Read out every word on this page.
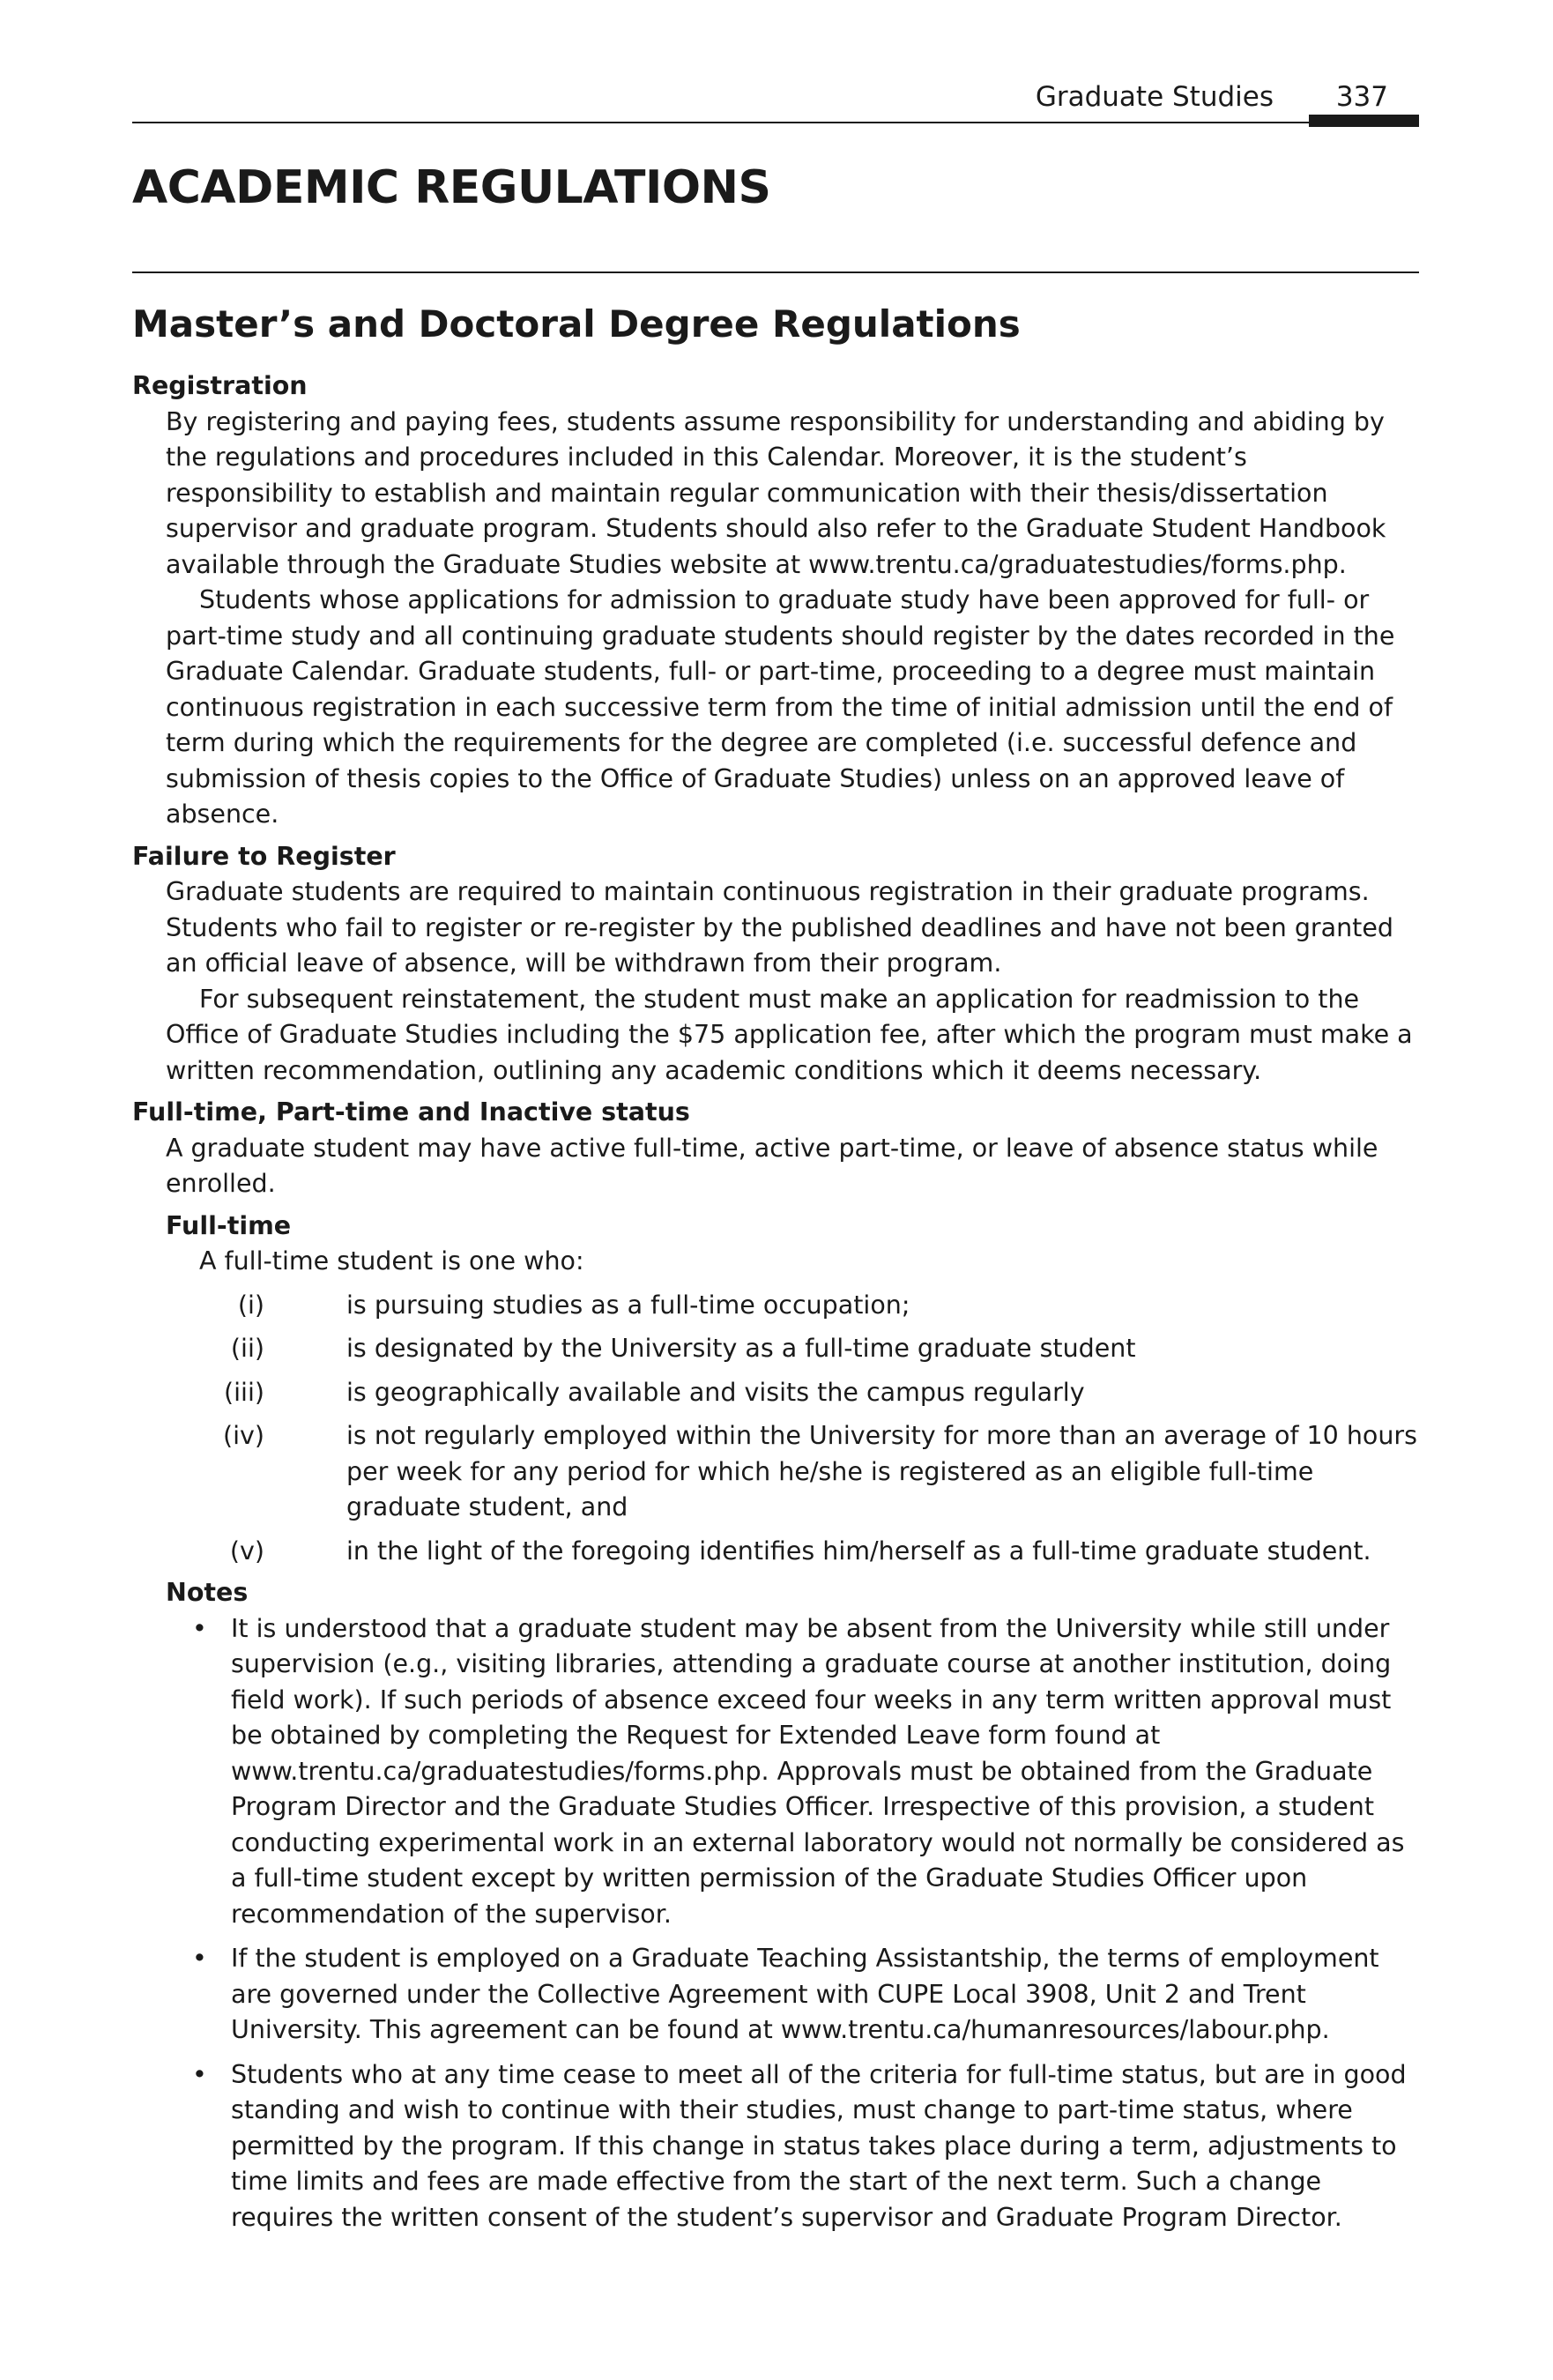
Graduate Studies 337
ACADEMIC REGULATIONS
Master’s and Doctoral Degree Regulations
Registration

By registering and paying fees, students assume responsibility for understanding and abiding by the regulations and procedures included in this Calendar. Moreover, it is the student’s responsibility to establish and maintain regular communication with their thesis/dissertation supervisor and graduate program. Students should also refer to the Graduate Student Handbook available through the Graduate Studies website at www.trentu.ca/graduatestudies/forms.php.

Students whose applications for admission to graduate study have been approved for full- or part-time study and all continuing graduate students should register by the dates recorded in the Graduate Calendar. Graduate students, full- or part-time, proceeding to a degree must maintain continuous registration in each successive term from the time of initial admission until the end of term during which the requirements for the degree are completed (i.e. successful defence and submission of thesis copies to the Office of Graduate Studies) unless on an approved leave of absence.

Failure to Register

Graduate students are required to maintain continuous registration in their graduate programs. Students who fail to register or re-register by the published deadlines and have not been granted an official leave of absence, will be withdrawn from their program.

For subsequent reinstatement, the student must make an application for readmission to the Office of Graduate Studies including the $75 application fee, after which the program must make a written recommendation, outlining any academic conditions which it deems necessary.

Full-time, Part-time and Inactive status

A graduate student may have active full-time, active part-time, or leave of absence status while enrolled.

Full-time

A full-time student is one who:

(i)	is pursuing studies as a full-time occupation;
(ii)	is designated by the University as a full-time graduate student
(iii)	is geographically available and visits the campus regularly
(iv)	is not regularly employed within the University for more than an average of 10 hours per week for any period for which he/she is registered as an eligible full-time graduate student, and
(v)	in the light of the foregoing identifies him/herself as a full-time graduate student.
Notes
• It is understood that a graduate student may be absent from the University while still under supervision (e.g., visiting libraries, attending a graduate course at another institution, doing field work). If such periods of absence exceed four weeks in any term written approval must be obtained by completing the Request for Extended Leave form found at www.trentu.ca/graduatestudies/forms.php. Approvals must be obtained from the Graduate Program Director and the Graduate Studies Officer. Irrespective of this provision, a student conducting experimental work in an external laboratory would not normally be considered as a full-time student except by written permission of the Graduate Studies Officer upon recommendation of the supervisor.
• If the student is employed on a Graduate Teaching Assistantship, the terms of employment are governed under the Collective Agreement with CUPE Local 3908, Unit 2 and Trent University. This agreement can be found at www.trentu.ca/humanresources/labour.php.
• Students who at any time cease to meet all of the criteria for full-time status, but are in good standing and wish to continue with their studies, must change to part-time status, where permitted by the program. If this change in status takes place during a term, adjustments to time limits and fees are made effective from the start of the next term. Such a change requires the written consent of the student’s supervisor and Graduate Program Director.
